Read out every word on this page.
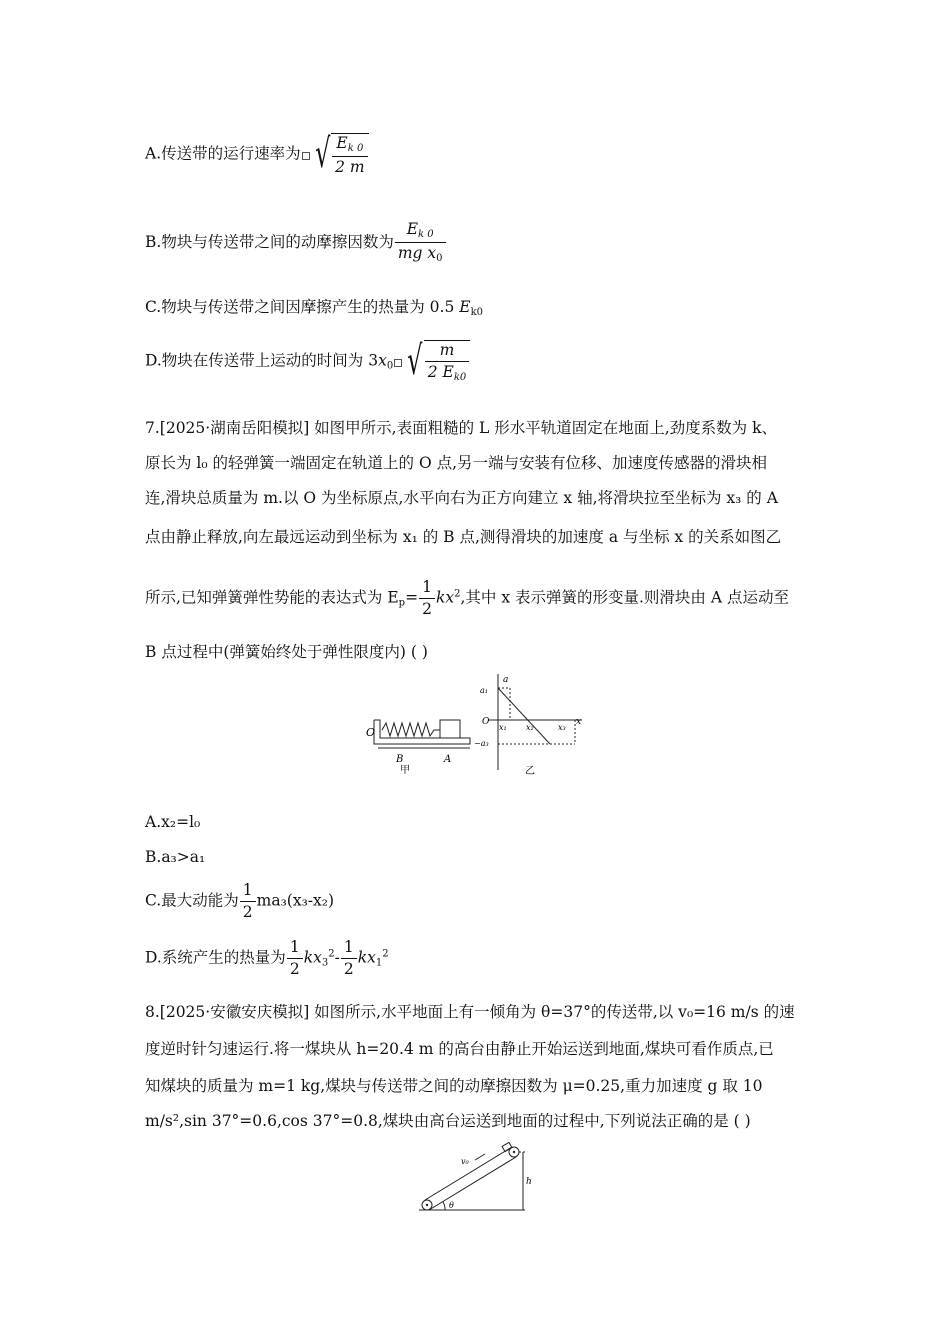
A.传送带的运行速率为 √ $\frac{E_{k 0}}{2 m}$
B.物块与传送带之间的动摩擦因数为 $\frac{E_{k 0}}{mg x_0}$
C.物块与传送带之间因摩擦产生的热量为 0.5 $E_{k0}$
D.物块在传送带上运动的时间为 $3x_0$ √ $\frac{m}{2 E_{k0}}$
7.[2025·湖南岳阳模拟] 如图甲所示,表面粗糙的 L 形水平轨道固定在地面上,劲度系数为 k、
原长为 l₀ 的轻弹簧一端固定在轨道上的 O 点,另一端与安装有位移、加速度传感器的滑块相
连,滑块总质量为 m.以 O 为坐标原点,水平向右为正方向建立 x 轴,将滑块拉至坐标为 x₃ 的 A
点由静止释放,向左最远运动到坐标为 x₁ 的 B 点,测得滑块的加速度 a 与坐标 x 的关系如图乙
所示,已知弹簧弹性势能的表达式为 $E_p= \frac{1}{2} kx^2$,其中 x 表示弹簧的形变量.则滑块由 A 点运动至
B 点过程中(弹簧始终处于弹性限度内) ( )
O
B	A
甲
a
a₁
O
−a₃
x
x₁ x₂	x₃
乙
A.x₂=l₀
B.a₃>a₁
C.最大动能为 $\frac{1}{2} ma_3(x_3-x_2)$
D.系统产生的热量为 $\frac{1}{2} kx_3^2- \frac{1}{2} kx_1^2$
8.[2025·安徽安庆模拟] 如图所示,水平地面上有一倾角为 θ=37°的传送带,以 v₀=16 m/s 的速
度逆时针匀速运行.将一煤块从 h=20.4 m 的高台由静止开始运送到地面,煤块可看作质点,已
知煤块的质量为 m=1 kg,煤块与传送带之间的动摩擦因数为 μ=0.25,重力加速度 g 取 10
m/s²,sin 37°=0.6,cos 37°=0.8,煤块由高台运送到地面的过程中,下列说法正确的是 ( )
v₀
h
θ
